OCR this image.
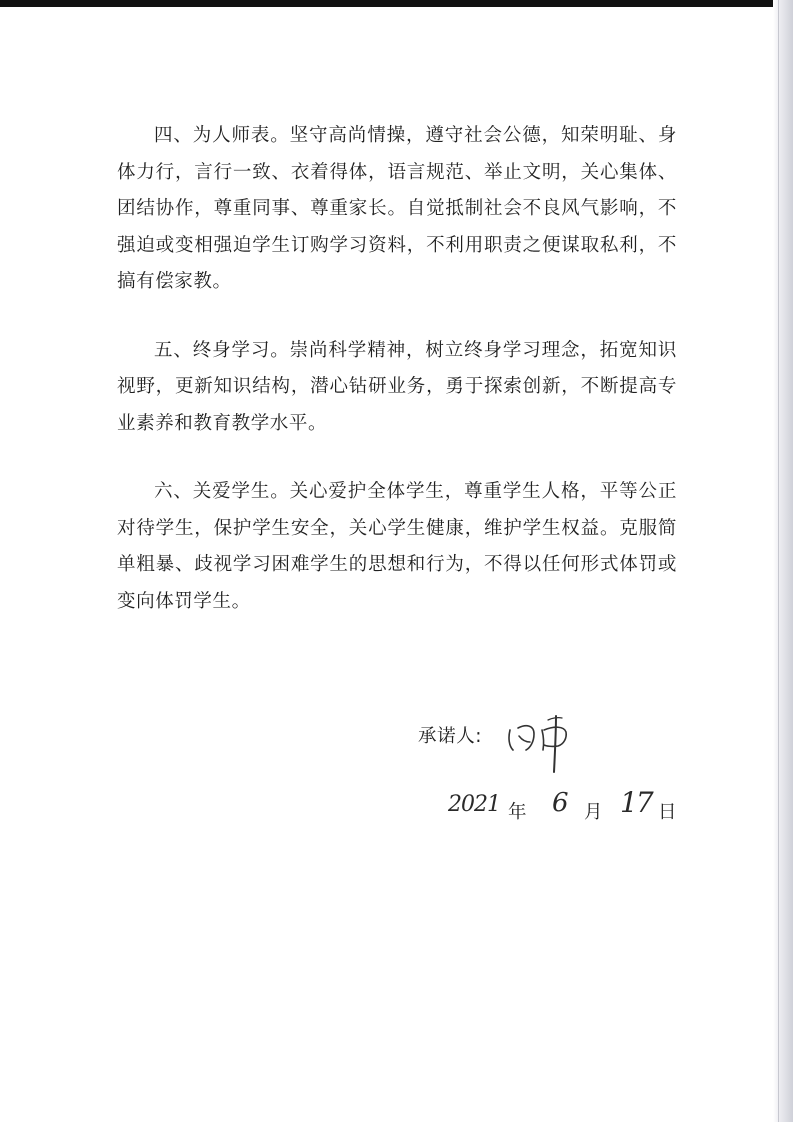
四、为人师表。坚守高尚情操，遵守社会公德，知荣明耻、身体力行，言行一致、衣着得体，语言规范、举止文明，关心集体、团结协作，尊重同事、尊重家长。自觉抵制社会不良风气影响，不强迫或变相强迫学生订购学习资料，不利用职责之便谋取私利，不搞有偿家教。

五、终身学习。崇尚科学精神，树立终身学习理念，拓宽知识视野，更新知识结构，潜心钻研业务，勇于探索创新，不断提高专业素养和教育教学水平。

六、关爱学生。关心爱护全体学生，尊重学生人格，平等公正对待学生，保护学生安全，关心学生健康，维护学生权益。克服简单粗暴、歧视学习困难学生的思想和行为，不得以任何形式体罚或变向体罚学生。

承诺人:
2021 年 6 月 17 日
